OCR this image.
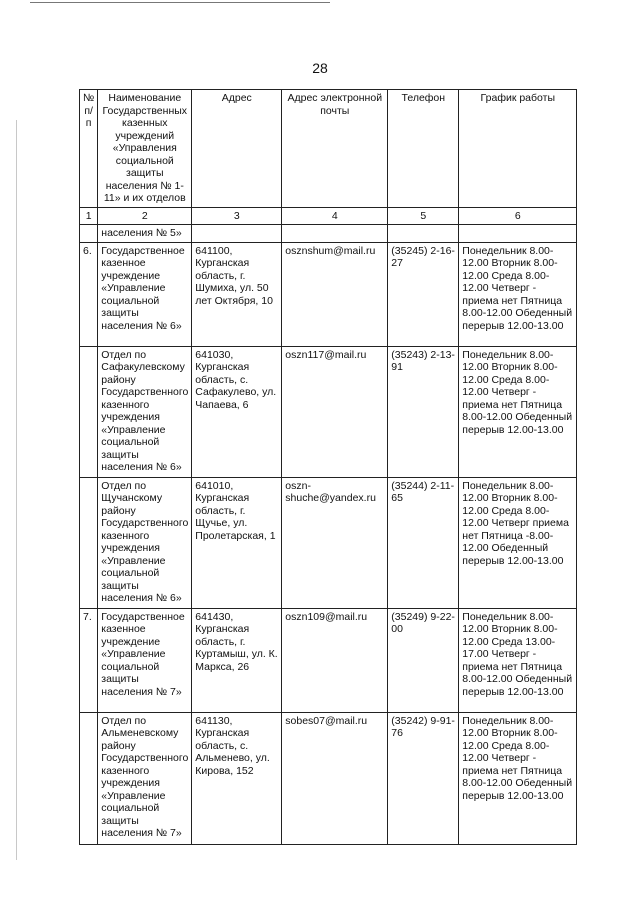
28
№ п/п	Наименование Государственных казенных учреждений «Управления социальной защиты населения № 1-11» и их отделов	Адрес	Адрес электронной почты	Телефон	График работы
1	2	3	4	5	6
	населения № 5»				
6.	Государственное казенное учреждение «Управление социальной защиты населения № 6»	641100, Курганская область, г. Шумиха, ул. 50 лет Октября, 10	osznshum@mail.ru	(35245) 2-16-27	Понедельник 8.00-12.00 Вторник 8.00-12.00 Среда 8.00-12.00 Четверг - приема нет Пятница 8.00-12.00 Обеденный перерыв 12.00-13.00
	Отдел по Сафакулевскому району Государственного казенного учреждения «Управление социальной защиты населения № 6»	641030, Курганская область, с. Сафакулево, ул. Чапаева, 6	oszn117@mail.ru	(35243) 2-13-91	Понедельник 8.00-12.00 Вторник 8.00-12.00 Среда 8.00-12.00 Четверг - приема нет Пятница 8.00-12.00 Обеденный перерыв 12.00-13.00
	Отдел по Щучанскому району Государственного казенного учреждения «Управление социальной защиты населения № 6»	641010, Курганская область, г. Щучье, ул. Пролетарская, 1	oszn-shuche@yandex.ru	(35244) 2-11-65	Понедельник 8.00-12.00 Вторник 8.00-12.00 Среда 8.00-12.00 Четверг приема нет Пятница -8.00-12.00 Обеденный перерыв 12.00-13.00
7.	Государственное казенное учреждение «Управление социальной защиты населения № 7»	641430, Курганская область, г. Куртамыш, ул. К. Маркса, 26	oszn109@mail.ru	(35249) 9-22-00	Понедельник 8.00-12.00 Вторник 8.00-12.00 Среда 13.00-17.00 Четверг - приема нет Пятница 8.00-12.00 Обеденный перерыв 12.00-13.00
	Отдел по Альменевскому району Государственного казенного учреждения «Управление социальной защиты населения № 7»	641130, Курганская область, с. Альменево, ул. Кирова, 152	sobes07@mail.ru	(35242) 9-91-76	Понедельник 8.00-12.00 Вторник 8.00-12.00 Среда 8.00-12.00 Четверг - приема нет Пятница 8.00-12.00 Обеденный перерыв 12.00-13.00
